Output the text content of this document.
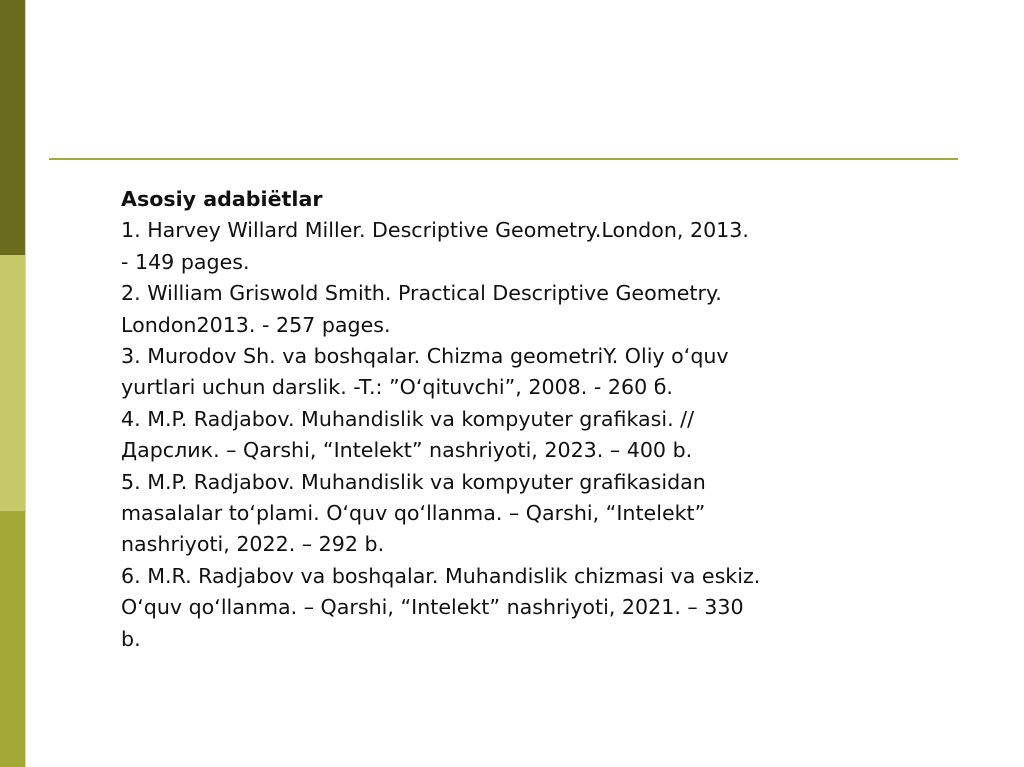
Asosiy adabiëtlar
1. Harvey Willard Miller. Descriptive Geometry.London, 2013.
- 149 pages.
2. William Griswold Smith. Practical Descriptive Geometry.
London2013. - 257 pages.
3. Murodov Sh. va boshqalar. Chizma geometriY. Oliy oʻquv
yurtlari uchun darslik. -T.: ”Oʻqituvchi”, 2008. - 260 б.
4. M.P. Radjabov. Muhandislik va kompyuter grafikasi. //
Дарслик. – Qarshi, “Intelekt” nashriyoti, 2023. – 400 b.
5. M.P. Radjabov. Muhandislik va kompyuter grafikasidan
masalalar toʻplami. Oʻquv qoʻllanma. – Qarshi, “Intelekt”
nashriyoti, 2022. – 292 b.
6. M.R. Radjabov va boshqalar. Muhandislik chizmasi va eskiz.
Oʻquv qoʻllanma. – Qarshi, “Intelekt” nashriyoti, 2021. – 330
b.
